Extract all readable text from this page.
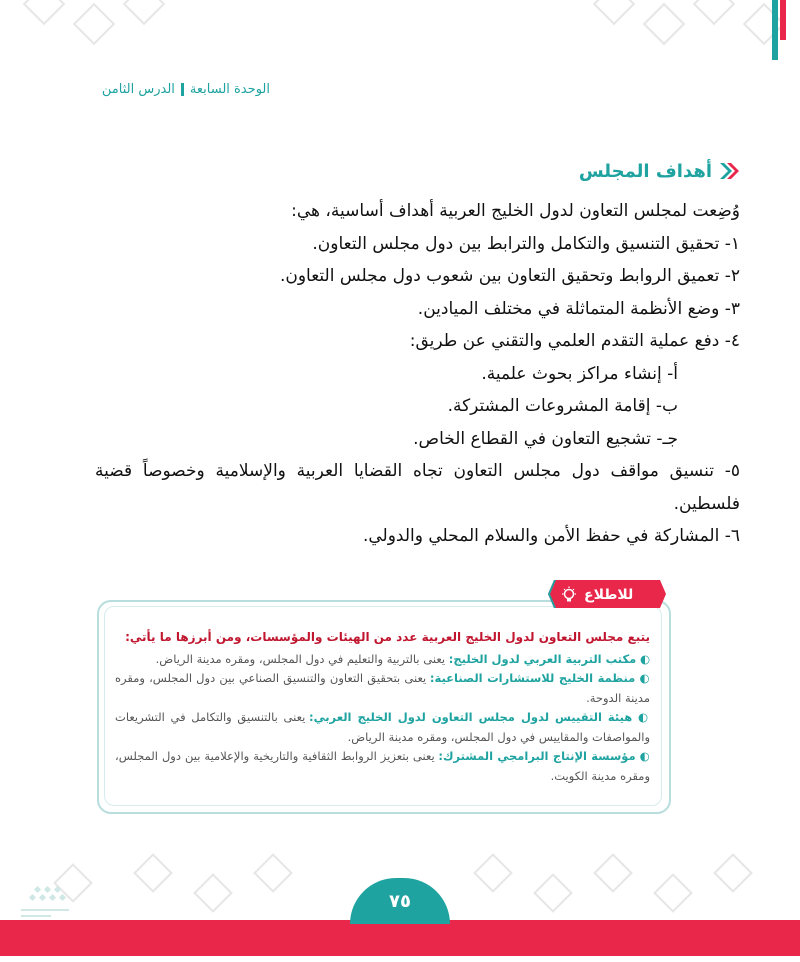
الوحدة السابعةالدرس الثامن
أهداف المجلس
وُضِعت لمجلس التعاون لدول الخليج العربية أهداف أساسية، هي:
١- تحقيق التنسيق والتكامل والترابط بين دول مجلس التعاون.
٢- تعميق الروابط وتحقيق التعاون بين شعوب دول مجلس التعاون.
٣- وضع الأنظمة المتماثلة في مختلف الميادين.
٤- دفع عملية التقدم العلمي والتقني عن طريق:
أ- إنشاء مراكز بحوث علمية.
ب- إقامة المشروعات المشتركة.
جـ- تشجيع التعاون في القطاع الخاص.
٥- تنسيق مواقف دول مجلس التعاون تجاه القضايا العربية والإسلامية وخصوصاً قضية فلسطين.
٦- المشاركة في حفظ الأمن والسلام المحلي والدولي.
للاطلاع
يتبع مجلس التعاون لدول الخليج العربية عدد من الهيئات والمؤسسات، ومن أبرزها ما يأتي:
◐ مكتب التربية العربي لدول الخليج: يعنى بالتربية والتعليم في دول المجلس، ومقره مدينة الرياض.
◐ منظمة الخليج للاستشارات الصناعية: يعنى بتحقيق التعاون والتنسيق الصناعي بين دول المجلس، ومقره مدينة الدوحة.
◐ هيئة التقييس لدول مجلس التعاون لدول الخليج العربي: يعنى بالتنسيق والتكامل في التشريعات والمواصفات والمقاييس في دول المجلس، ومقره مدينة الرياض.
◐ مؤسسة الإنتاج البرامجي المشترك: يعنى بتعزيز الروابط الثقافية والتاريخية والإعلامية بين دول المجلس، ومقره مدينة الكويت.
٧٥
